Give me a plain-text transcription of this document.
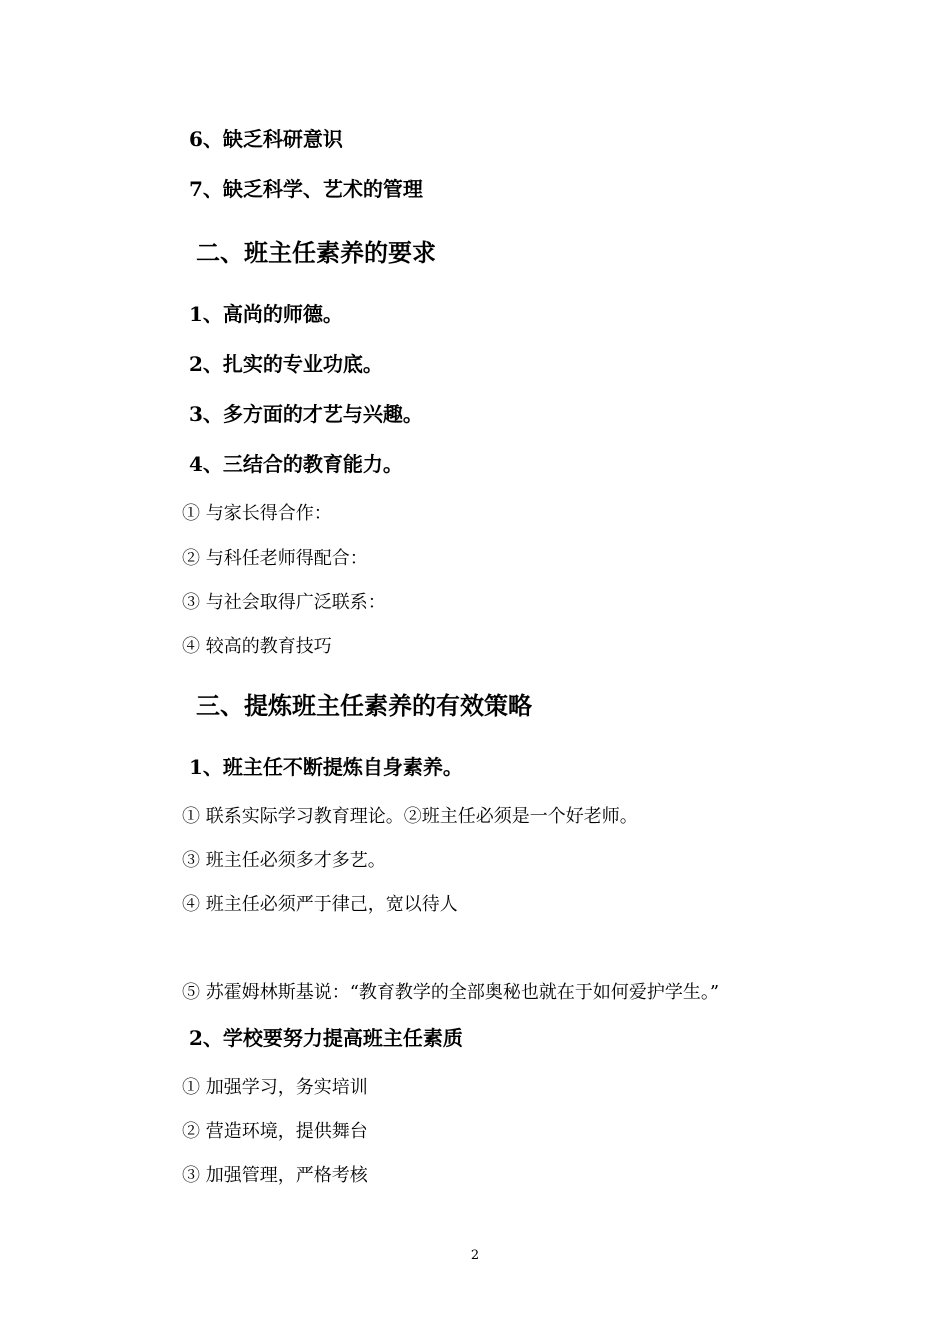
6、缺乏科研意识
7、缺乏科学、艺术的管理
二、班主任素养的要求
1、高尚的师德。
2、扎实的专业功底。
3、多方面的才艺与兴趣。
4、三结合的教育能力。
① 与家长得合作：
② 与科任老师得配合：
③ 与社会取得广泛联系：
④ 较高的教育技巧
三、提炼班主任素养的有效策略
1、班主任不断提炼自身素养。
① 联系实际学习教育理论。②班主任必须是一个好老师。
③ 班主任必须多才多艺。
④ 班主任必须严于律己，宽以待人
⑤ 苏霍姆林斯基说：“教育教学的全部奥秘也就在于如何爱护学生。”
2、学校要努力提高班主任素质
① 加强学习，务实培训
② 营造环境，提供舞台
③ 加强管理，严格考核
2
